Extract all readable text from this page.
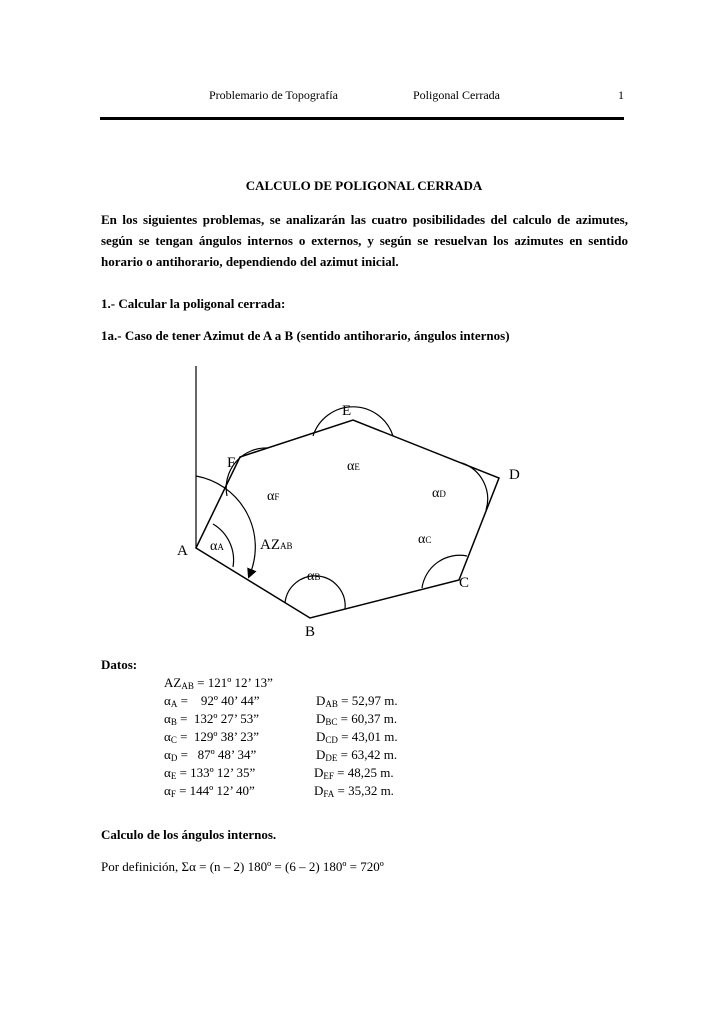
Problemario de Topografía	Poligonal Cerrada	1
CALCULO DE POLIGONAL CERRADA
En los siguientes problemas, se analizarán las cuatro posibilidades del calculo de azimutes, según se tengan ángulos internos o externos, y según se resuelvan los azimutes en sentido horario o antihorario, dependiendo del azimut inicial.
1.- Calcular la poligonal cerrada:
1a.- Caso de tener Azimut de A a B (sentido antihorario, ángulos internos)
A
B
C
D
E
F
αA
αB
αC
αD
αE
αF
AZAB
Datos:
$AZ_{AB}$ = 121º 12’ 13”
$\alpha_A$ =    92º 40’ 44”
$\alpha_B$ =  132º 27’ 53”
$\alpha_C$ =  129º 38’ 23”
$\alpha_D$ =   87º 48’ 34”
$\alpha_E$ = 133º 12’ 35”
$\alpha_F$ = 144º 12’ 40”
$D_{AB} = 52,97$ m.
$D_{BC} = 60,37$ m.
$D_{CD} = 43,01$ m.
$D_{DE} = 63,42$ m.
$D_{EF} = 48,25$ m.
$D_{FA} = 35,32$ m.
Calculo de los ángulos internos.
Por definición, Σα = (n – 2) 180º = (6 – 2) 180º = 720º
